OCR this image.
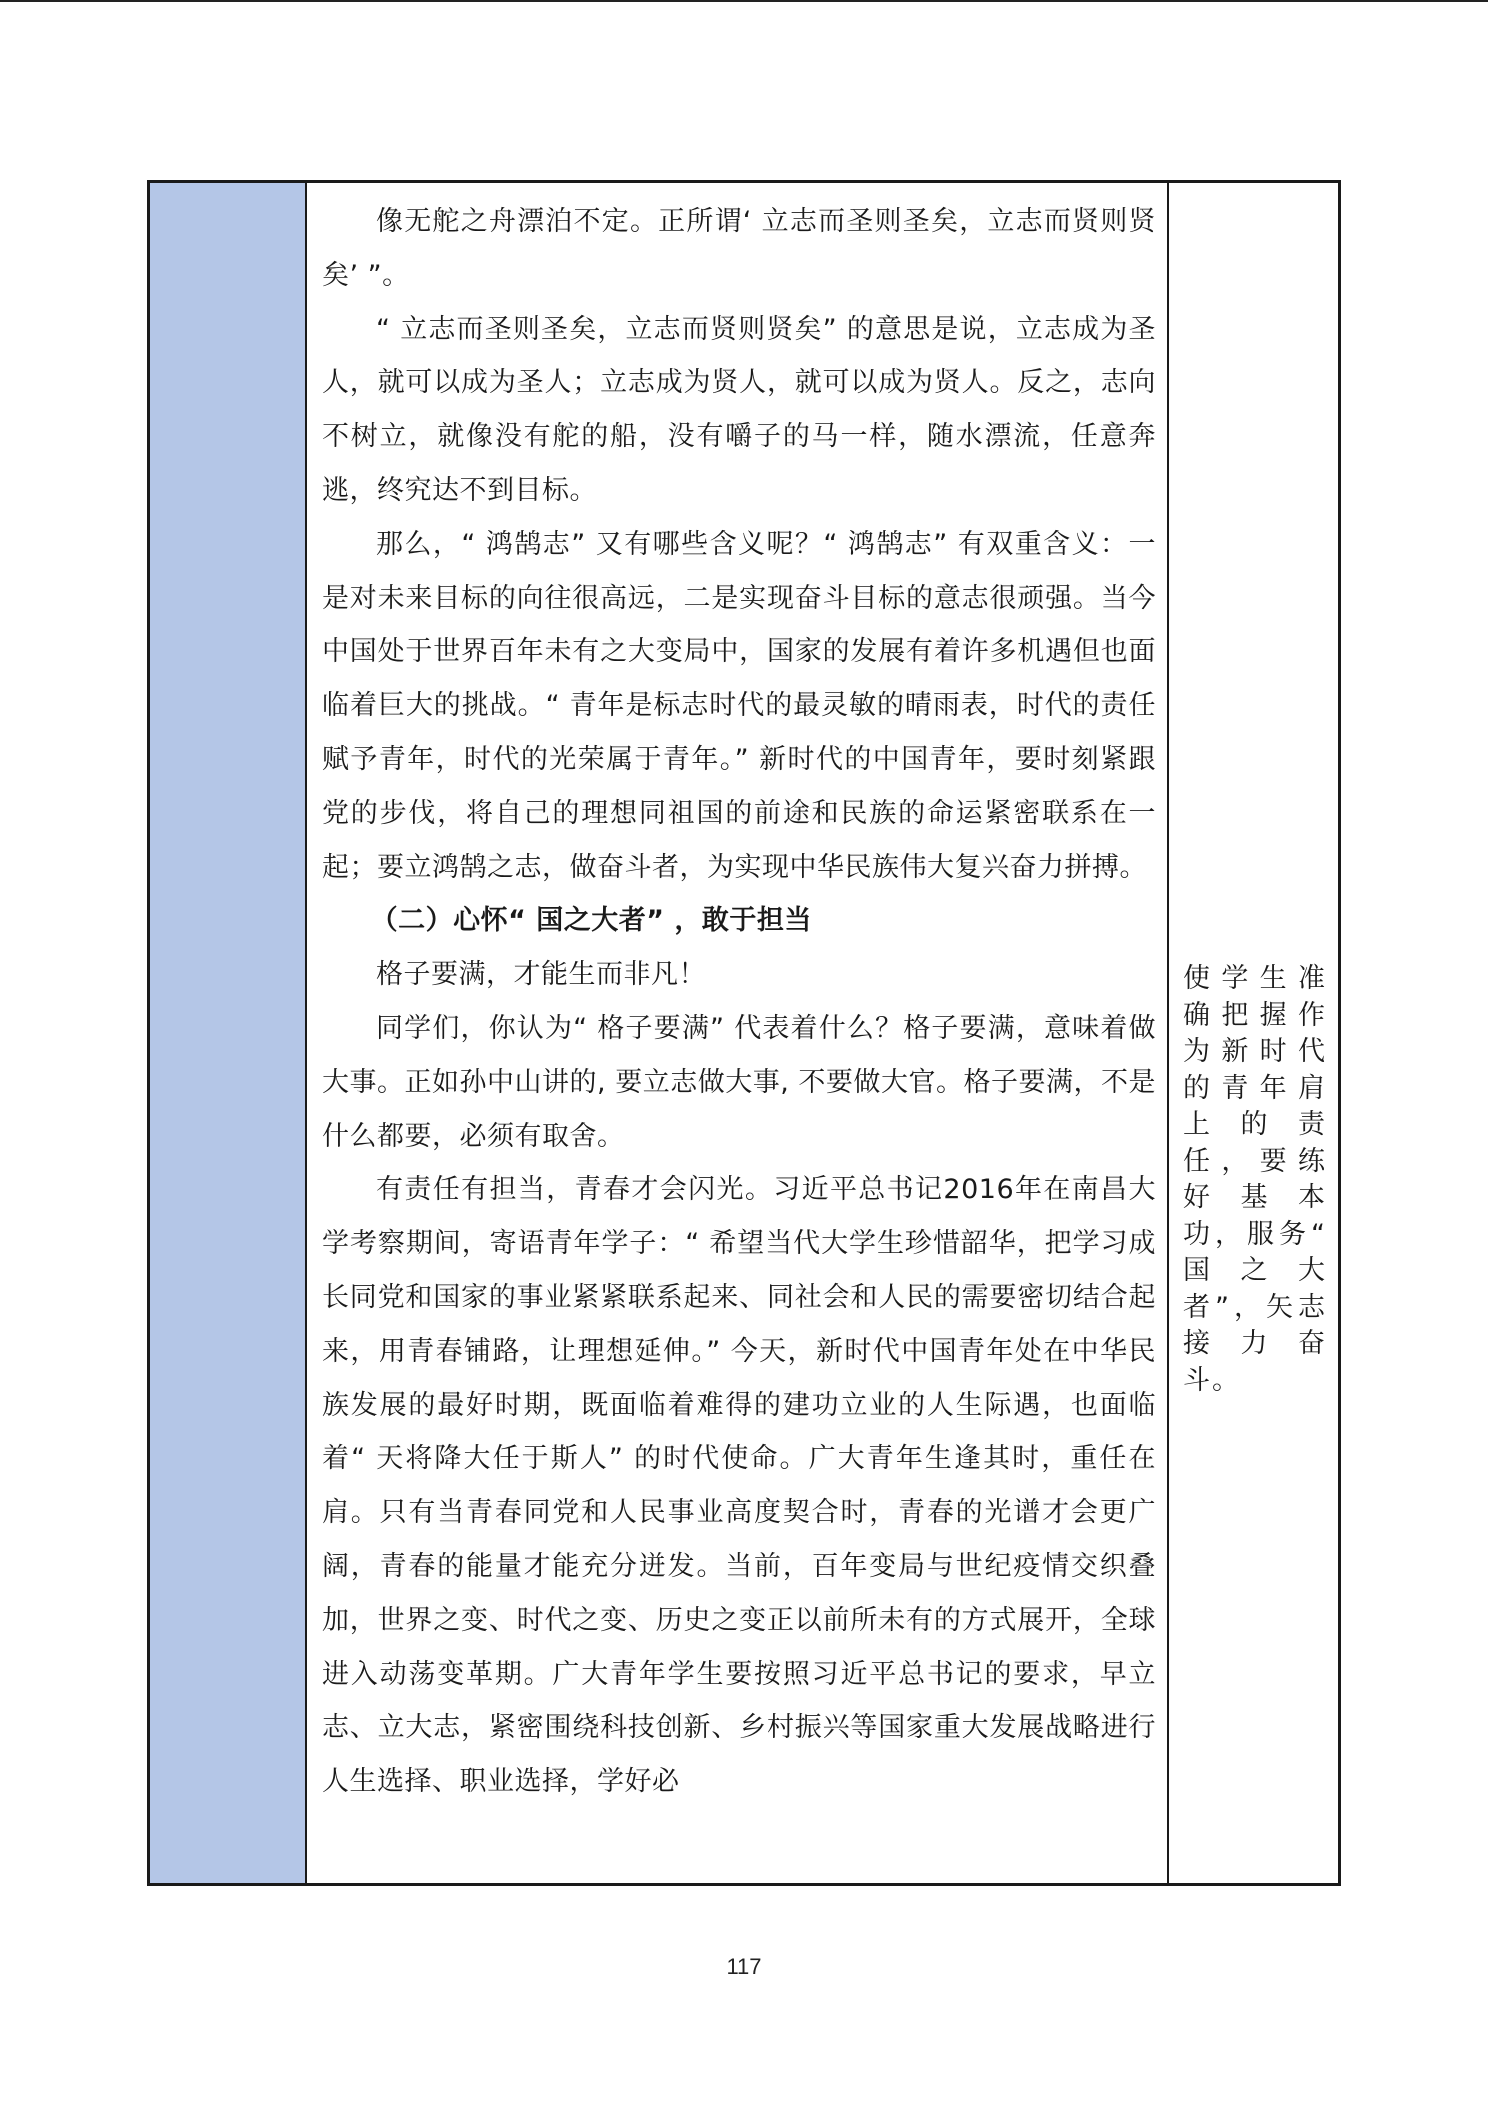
像无舵之舟漂泊不定。正所谓‘ 立志而圣则圣矣，立志而贤则贤矣’ ”。

“ 立志而圣则圣矣，立志而贤则贤矣” 的意思是说，立志成为圣人，就可以成为圣人；立志成为贤人，就可以成为贤人。反之，志向不树立，就像没有舵的船，没有嚼子的马一样，随水漂流，任意奔逃，终究达不到目标。

那么，“ 鸿鹄志” 又有哪些含义呢？“ 鸿鹄志” 有双重含义：一是对未来目标的向往很高远，二是实现奋斗目标的意志很顽强。当今中国处于世界百年未有之大变局中，国家的发展有着许多机遇但也面临着巨大的挑战。“ 青年是标志时代的最灵敏的晴雨表，时代的责任赋予青年，时代的光荣属于青年。” 新时代的中国青年，要时刻紧跟党的步伐，将自己的理想同祖国的前途和民族的命运紧密联系在一起；要立鸿鹄之志，做奋斗者，为实现中华民族伟大复兴奋力拼搏。

（二）心怀“ 国之大者” ，敢于担当

格子要满，才能生而非凡！

同学们，你认为“ 格子要满” 代表着什么？格子要满，意味着做大事。正如孙中山讲的, 要立志做大事, 不要做大官。格子要满，不是什么都要，必须有取舍。

有责任有担当，青春才会闪光。习近平总书记2016年在南昌大学考察期间，寄语青年学子：“ 希望当代大学生珍惜韶华，把学习成长同党和国家的事业紧紧联系起来、同社会和人民的需要密切结合起来，用青春铺路，让理想延伸。” 今天，新时代中国青年处在中华民族发展的最好时期，既面临着难得的建功立业的人生际遇，也面临着“ 天将降大任于斯人” 的时代使命。广大青年生逢其时，重任在肩。只有当青春同党和人民事业高度契合时，青春的光谱才会更广阔，青春的能量才能充分迸发。当前，百年变局与世纪疫情交织叠加，世界之变、时代之变、历史之变正以前所未有的方式展开，全球进入动荡变革期。广大青年学生要按照习近平总书记的要求，早立志、立大志，紧密围绕科技创新、乡村振兴等国家重大发展战略进行人生选择、职业选择，学好必

使学生准确把握作为新时代的青年肩上的责任，要练好基本功，服务“ 国之大者”，矢志接力奋斗。

117
